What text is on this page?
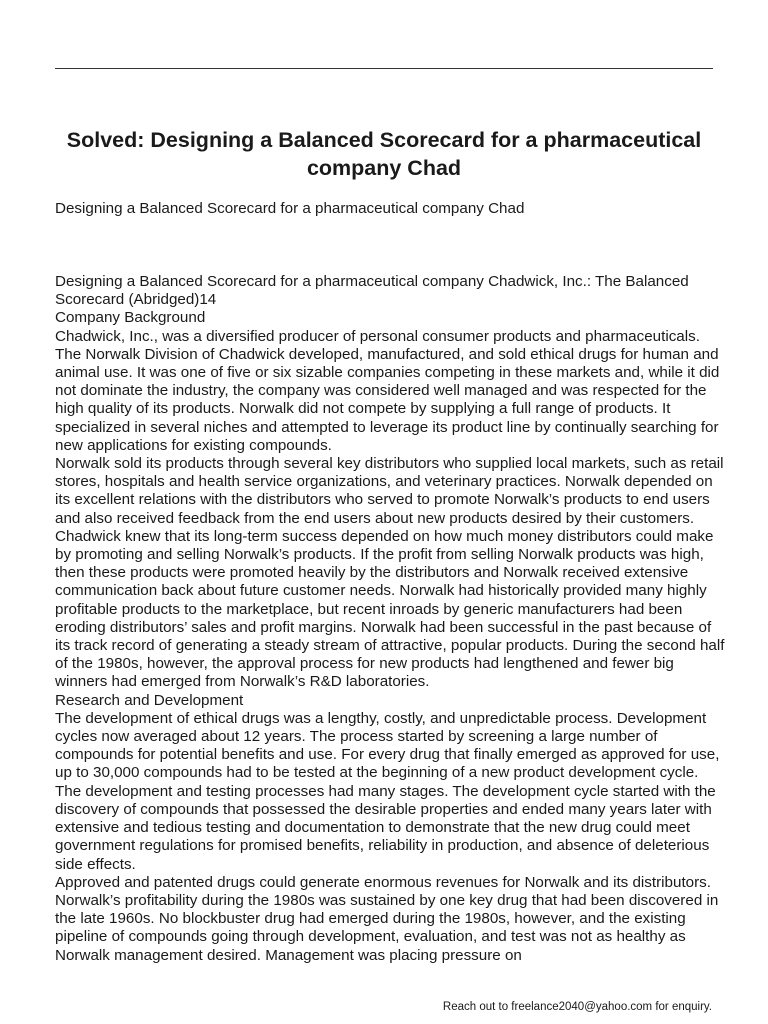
Solved: Designing a Balanced Scorecard for a pharmaceutical company Chad

Designing a Balanced Scorecard for a pharmaceutical company Chad

Designing a Balanced Scorecard for a pharmaceutical company Chadwick, Inc.: The Balanced Scorecard (Abridged)14

Company Background

Chadwick, Inc., was a diversified producer of personal consumer products and pharmaceuticals. The Norwalk Division of Chadwick developed, manufactured, and sold ethical drugs for human and animal use. It was one of five or six sizable companies competing in these markets and, while it did not dominate the industry, the company was considered well managed and was respected for the high quality of its products. Norwalk did not compete by supplying a full range of products. It specialized in several niches and attempted to leverage its product line by continually searching for new applications for existing compounds.

Norwalk sold its products through several key distributors who supplied local markets, such as retail stores, hospitals and health service organizations, and veterinary practices. Norwalk depended on its excellent relations with the distributors who served to promote Norwalk’s products to end users and also received feedback from the end users about new products desired by their customers.

Chadwick knew that its long-term success depended on how much money distributors could make by promoting and selling Norwalk’s products. If the profit from selling Norwalk products was high, then these products were promoted heavily by the distributors and Norwalk received extensive communication back about future customer needs. Norwalk had historically provided many highly profitable products to the marketplace, but recent inroads by generic manufacturers had been eroding distributors’ sales and profit margins. Norwalk had been successful in the past because of its track record of generating a steady stream of attractive, popular products. During the second half of the 1980s, however, the approval process for new products had lengthened and fewer big winners had emerged from Norwalk’s R&D laboratories.

Research and Development

The development of ethical drugs was a lengthy, costly, and unpredictable process. Development cycles now averaged about 12 years. The process started by screening a large number of compounds for potential benefits and use. For every drug that finally emerged as approved for use, up to 30,000 compounds had to be tested at the beginning of a new product development cycle. The development and testing processes had many stages. The development cycle started with the discovery of compounds that possessed the desirable properties and ended many years later with extensive and tedious testing and documentation to demonstrate that the new drug could meet government regulations for promised benefits, reliability in production, and absence of deleterious side effects.

Approved and patented drugs could generate enormous revenues for Norwalk and its distributors. Norwalk’s profitability during the 1980s was sustained by one key drug that had been discovered in the late 1960s. No blockbuster drug had emerged during the 1980s, however, and the existing pipeline of compounds going through development, evaluation, and test was not as healthy as Norwalk management desired. Management was placing pressure on

Reach out to freelance2040@yahoo.com for enquiry.
